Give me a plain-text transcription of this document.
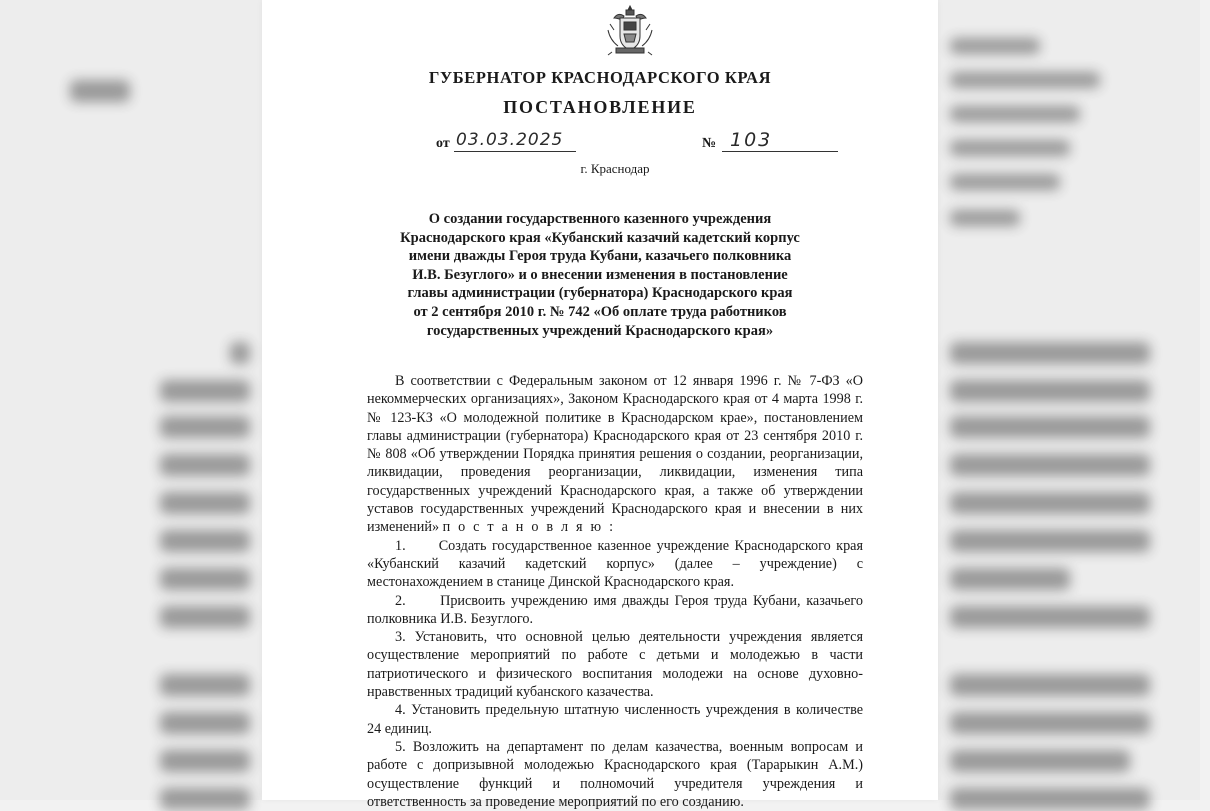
ГУБЕРНАТОР КРАСНОДАРСКОГО КРАЯ
ПОСТАНОВЛЕНИЕ
от 03.03.2025	№ 103
г. Краснодар
О создании государственного казенного учреждения
Краснодарского края «Кубанский казачий кадетский корпус
имени дважды Героя труда Кубани, казачьего полковника
И.В. Безуглого» и о внесении изменения в постановление
главы администрации (губернатора) Краснодарского края
от 2 сентября 2010 г. № 742 «Об оплате труда работников
государственных учреждений Краснодарского края»

В соответствии с Федеральным законом от 12 января 1996 г. № 7-ФЗ «О некоммерческих организациях», Законом Краснодарского края от 4 марта 1998 г. № 123-КЗ «О молодежной политике в Краснодарском крае», постановлением главы администрации (губернатора) Краснодарского края от 23 сентября 2010 г. № 808 «Об утверждении Порядка принятия решения о создании, реорганизации, ликвидации, проведения реорганизации, ликвидации, изменения типа государственных учреждений Краснодарского края, а также об утверждении уставов государственных учреждений Краснодарского края и внесении в них изменений» п о с т а н о в л я ю :

1.      Создать государственное казенное учреждение Краснодарского края «Кубанский казачий кадетский корпус» (далее – учреждение) с местонахождением в станице Динской Краснодарского края.

2.      Присвоить учреждению имя дважды Героя труда Кубани, казачьего полковника И.В. Безуглого.

3. Установить, что основной целью деятельности учреждения является осуществление мероприятий по работе с детьми и молодежью в части патриотического и физического воспитания молодежи на основе духовно-нравственных традиций кубанского казачества.

4. Установить предельную штатную численность учреждения в количестве 24 единиц.

5. Возложить на департамент по делам казачества, военным вопросам и работе с допризывной молодежью Краснодарского края (Тарарыкин А.М.) осуществление функций и полномочий учредителя учреждения и ответственность за проведение мероприятий по его созданию.
